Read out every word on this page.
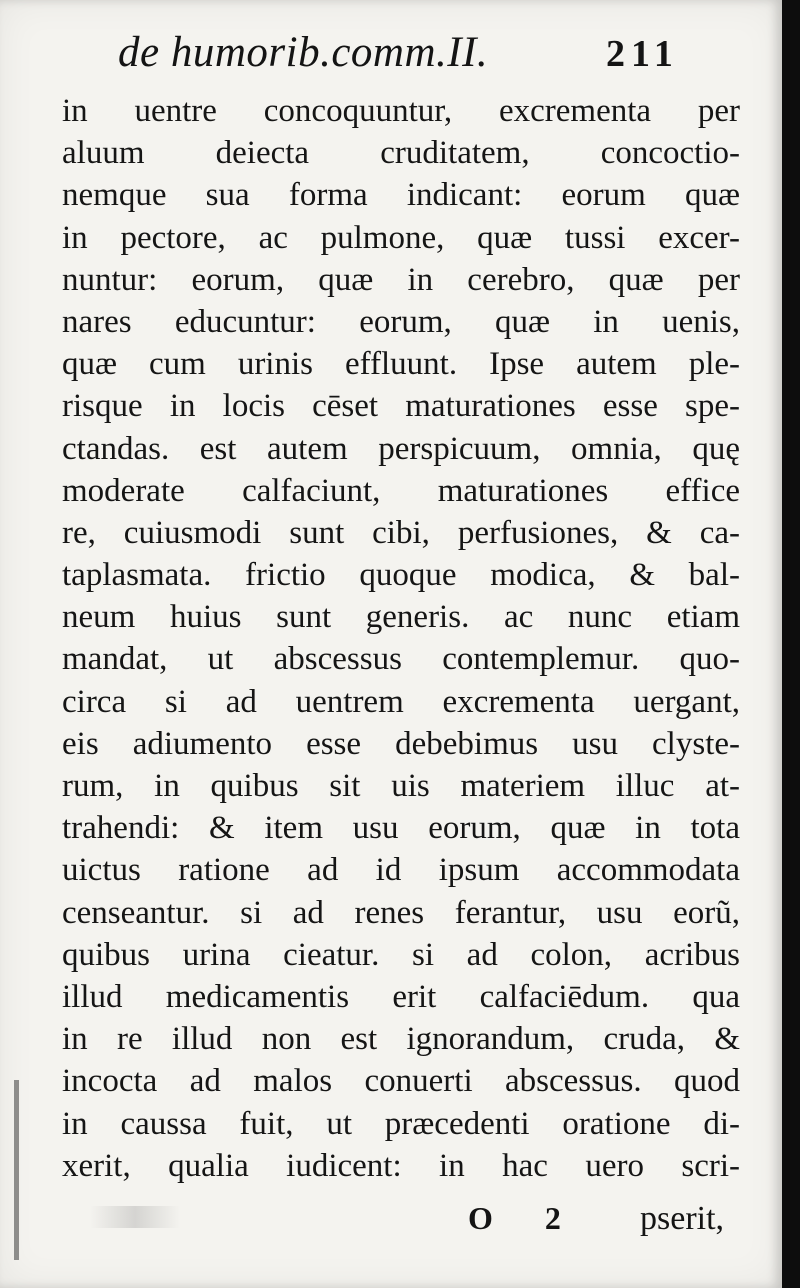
de humorib.comm.II.	211
in uentre concoquuntur, excrementa per
aluum deiecta cruditatem, concoctio-
nemque sua forma indicant: eorum quæ
in pectore, ac pulmone, quæ tussi excer-
nuntur: eorum, quæ in cerebro, quæ per
nares educuntur: eorum, quæ in uenis,
quæ cum urinis effluunt. Ipse autem ple-
risque in locis cēset maturationes esse spe-
ctandas. est autem perspicuum, omnia, quę
moderate calfaciunt, maturationes effice
re, cuiusmodi sunt cibi, perfusiones, & ca-
taplasmata. frictio quoque modica, & bal-
neum huius sunt generis. ac nunc etiam
mandat, ut abscessus contemplemur. quo-
circa si ad uentrem excrementa uergant,
eis adiumento esse debebimus usu clyste-
rum, in quibus sit uis materiem illuc at-
trahendi: & item usu eorum, quæ in tota
uictus ratione ad id ipsum accommodata
censeantur. si ad renes ferantur, usu eorũ,
quibus urina cieatur. si ad colon, acribus
illud medicamentis erit calfaciēdum. qua
in re illud non est ignorandum, cruda, &
incocta ad malos conuerti abscessus. quod
in caussa fuit, ut præcedenti oratione di-
xerit, qualia iudicent: in hac uero scri-
O 2 pserit,
